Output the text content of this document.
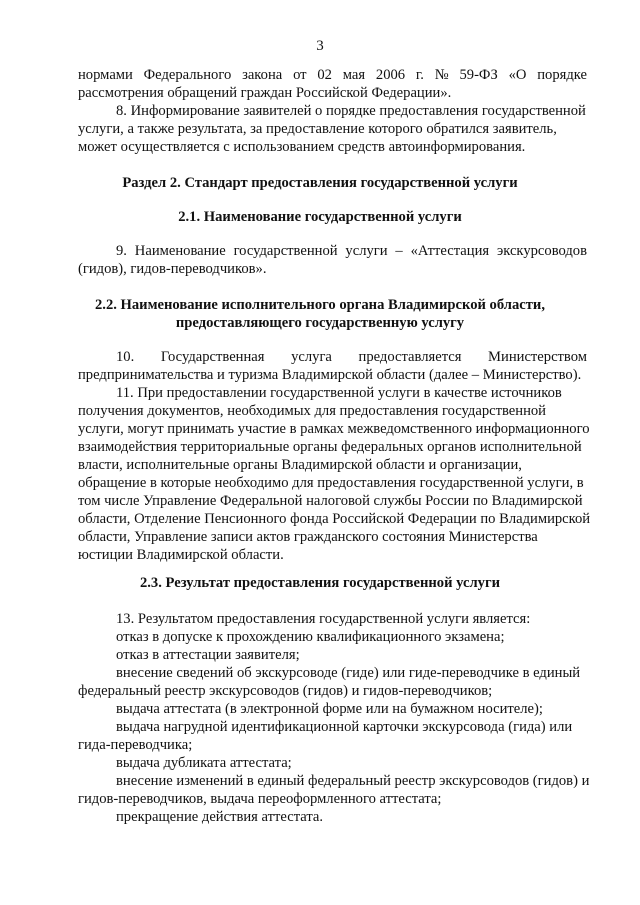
3
нормами Федерального закона от 02 мая 2006 г. № 59-ФЗ «О порядке
рассмотрения обращений граждан Российской Федерации».
8. Информирование заявителей о порядке предоставления государственной
услуги, а также результата, за предоставление которого обратился заявитель,
может осуществляется с использованием средств автоинформирования.
Раздел 2. Стандарт предоставления государственной услуги
2.1. Наименование государственной услуги
9. Наименование государственной услуги – «Аттестация экскурсоводов
(гидов), гидов-переводчиков».
2.2. Наименование исполнительного органа Владимирской области,
предоставляющего государственную услугу
10. Государственная услуга предоставляется Министерством
предпринимательства и туризма Владимирской области (далее – Министерство).
11. При предоставлении государственной услуги в качестве источников
получения документов, необходимых для предоставления государственной
услуги, могут принимать участие в рамках межведомственного информационного
взаимодействия территориальные органы федеральных органов исполнительной
власти, исполнительные органы Владимирской области и организации,
обращение в которые необходимо для предоставления государственной услуги, в
том числе Управление Федеральной налоговой службы России по Владимирской
области, Отделение Пенсионного фонда Российской Федерации по Владимирской
области, Управление записи актов гражданского состояния Министерства
юстиции Владимирской области.
2.3. Результат предоставления государственной услуги
13. Результатом предоставления государственной услуги является:
отказ в допуске к прохождению квалификационного экзамена;
отказ в аттестации заявителя;
внесение сведений об экскурсоводе (гиде) или гиде-переводчике в единый
федеральный реестр экскурсоводов (гидов) и гидов-переводчиков;
выдача аттестата (в электронной форме или на бумажном носителе);
выдача нагрудной идентификационной карточки экскурсовода (гида) или
гида-переводчика;
выдача дубликата аттестата;
внесение изменений в единый федеральный реестр экскурсоводов (гидов) и
гидов-переводчиков, выдача переоформленного аттестата;
прекращение действия аттестата.
